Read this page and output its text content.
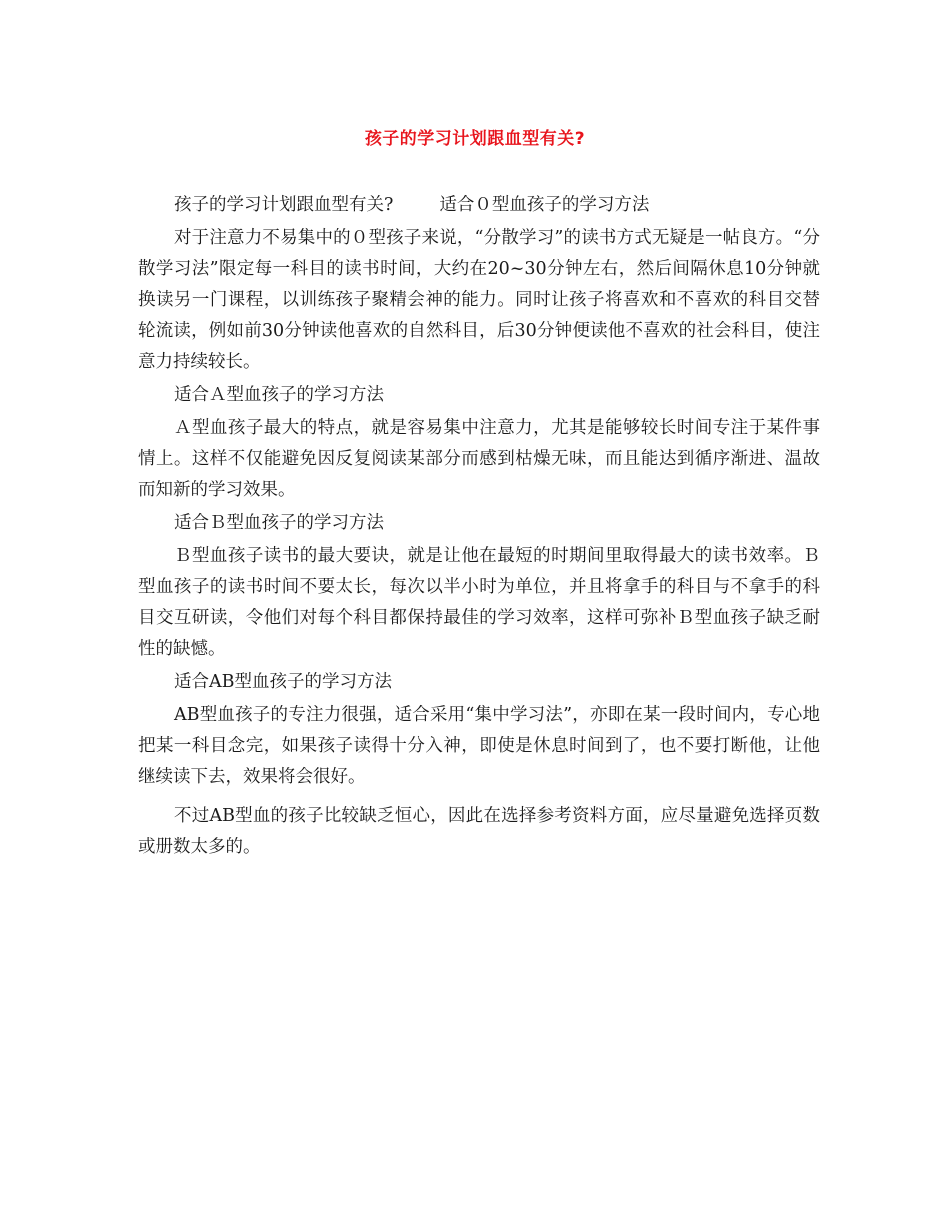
孩子的学习计划跟血型有关?

孩子的学习计划跟血型有关?	适合０型血孩子的学习方法

对于注意力不易集中的０型孩子来说，“分散学习”的读书方式无疑是一帖良方。“分散学习法”限定每一科目的读书时间，大约在20~30分钟左右，然后间隔休息10分钟就换读另一门课程，以训练孩子聚精会神的能力。同时让孩子将喜欢和不喜欢的科目交替轮流读，例如前30分钟读他喜欢的自然科目，后30分钟便读他不喜欢的社会科目，使注意力持续较长。

适合Ａ型血孩子的学习方法

Ａ型血孩子最大的特点，就是容易集中注意力，尤其是能够较长时间专注于某件事情上。这样不仅能避免因反复阅读某部分而感到枯燥无味，而且能达到循序渐进、温故而知新的学习效果。

适合Ｂ型血孩子的学习方法

Ｂ型血孩子读书的最大要诀，就是让他在最短的时期间里取得最大的读书效率。Ｂ型血孩子的读书时间不要太长，每次以半小时为单位，并且将拿手的科目与不拿手的科目交互研读，令他们对每个科目都保持最佳的学习效率，这样可弥补Ｂ型血孩子缺乏耐性的缺憾。

适合AB型血孩子的学习方法

AB型血孩子的专注力很强，适合采用“集中学习法”，亦即在某一段时间内，专心地把某一科目念完，如果孩子读得十分入神，即使是休息时间到了，也不要打断他，让他继续读下去，效果将会很好。

不过AB型血的孩子比较缺乏恒心，因此在选择参考资料方面，应尽量避免选择页数或册数太多的。
